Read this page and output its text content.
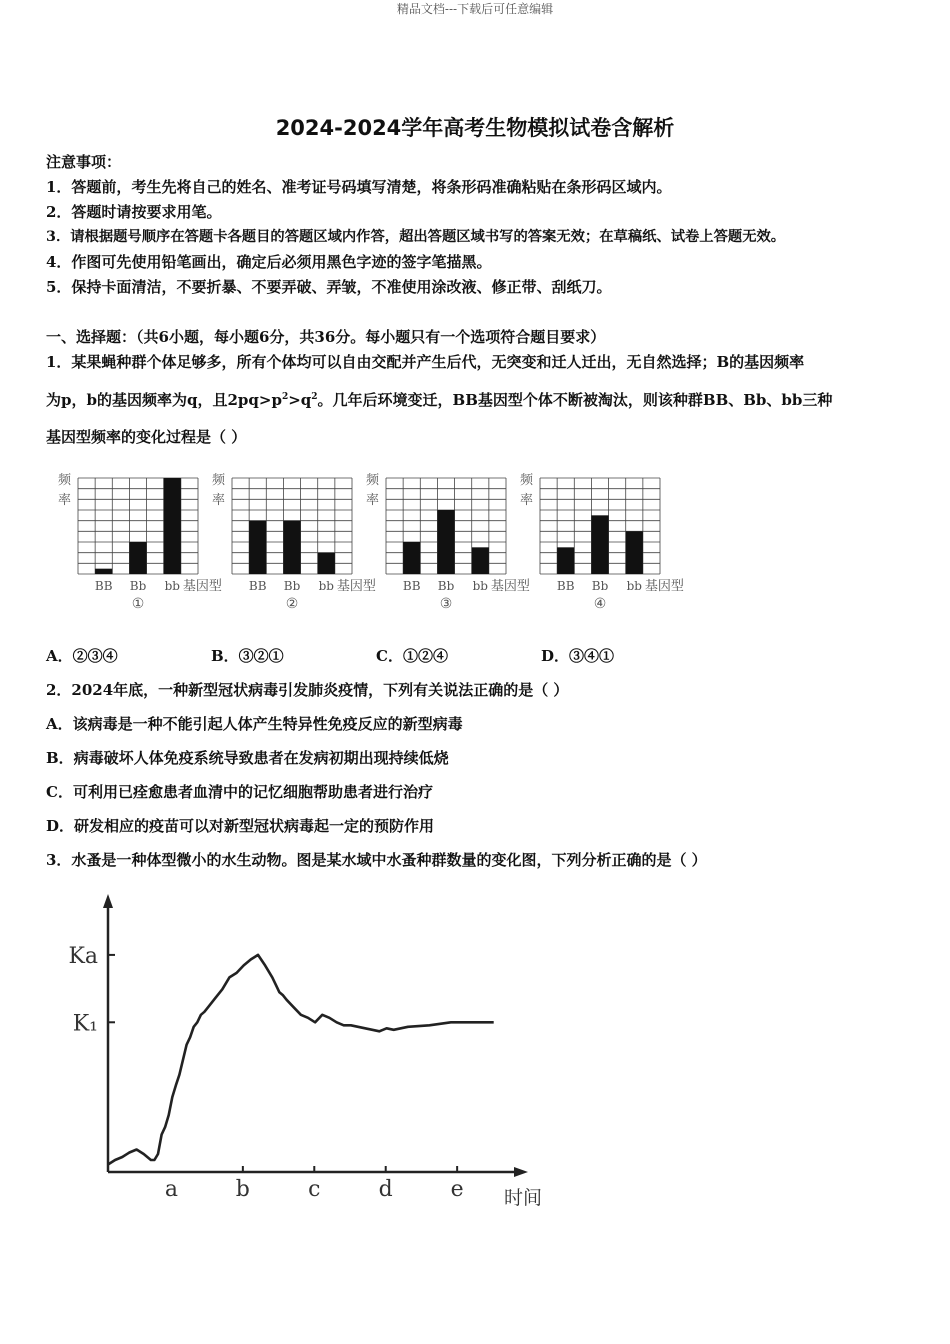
精品文档---下载后可任意编辑
2024-2024学年高考生物模拟试卷含解析
注意事项：
1．答题前，考生先将自己的姓名、准考证号码填写清楚，将条形码准确粘贴在条形码区域内。
2．答题时请按要求用笔。
3．请根据题号顺序在答题卡各题目的答题区域内作答，超出答题区域书写的答案无效；在草稿纸、试卷上答题无效。
4．作图可先使用铅笔画出，确定后必须用黑色字迹的签字笔描黑。
5．保持卡面清洁，不要折暴、不要弄破、弄皱，不准使用涂改液、修正带、刮纸刀。
一、选择题：（共6小题，每小题6分，共36分。每小题只有一个选项符合题目要求）
1．某果蝇种群个体足够多，所有个体均可以自由交配并产生后代，无突变和迁人迁出，无自然选择；B的基因频率
为p，b的基因频率为q，且$2pq>p^2>q^2$。几年后环境变迁，BB基因型个体不断被淘汰，则该种群BB、Bb、bb三种
基因型频率的变化过程是（ ）
频
率
BB Bb bb 基因型
①
频
率
BB Bb bb 基因型
②
频
率
BB Bb bb 基因型
③
频
率
BB Bb bb 基因型
④
A．②③④	B．③②①	C．①②④	D．③④①
2．2024年底，一种新型冠状病毒引发肺炎疫情，下列有关说法正确的是（ ）
A．该病毒是一种不能引起人体产生特异性免疫反应的新型病毒
B．病毒破坏人体免疫系统导致患者在发病初期出现持续低烧
C．可利用已痊愈患者血清中的记忆细胞帮助患者进行治疗
D．研发相应的疫苗可以对新型冠状病毒起一定的预防作用
3．水蚤是一种体型微小的水生动物。图是某水域中水蚤种群数量的变化图，下列分析正确的是（ ）
a	b	c	d	e 时间
Ka
K₁
